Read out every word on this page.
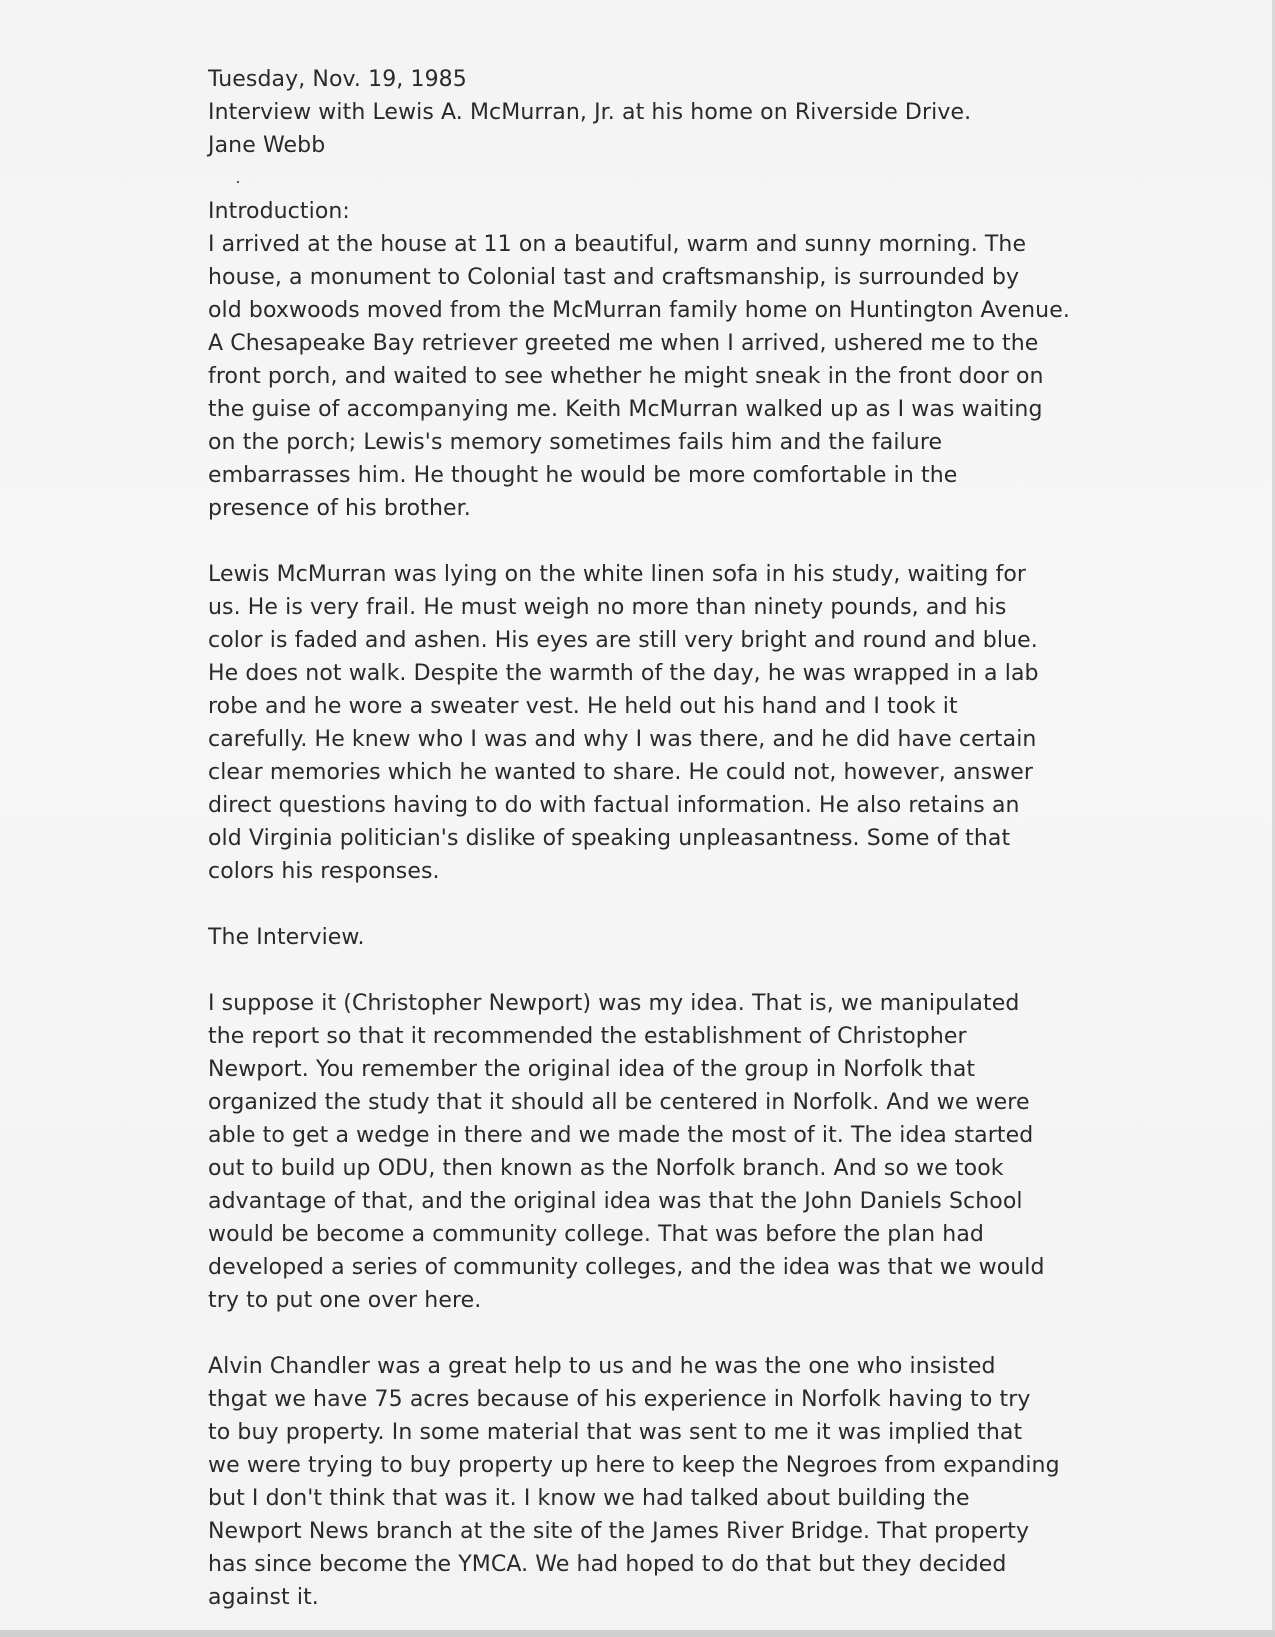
Tuesday, Nov. 19, 1985
Interview with Lewis A. McMurran, Jr. at his home on Riverside Drive.
Jane Webb
Introduction:
I arrived at the house at 11 on a beautiful, warm and sunny morning. The
house, a monument to Colonial tast and craftsmanship, is surrounded by
old boxwoods moved from the McMurran family home on Huntington Avenue.
A Chesapeake Bay retriever greeted me when I arrived, ushered me to the
front porch, and waited to see whether he might sneak in the front door on
the guise of accompanying me. Keith McMurran walked up as I was waiting
on the porch; Lewis's memory sometimes fails him and the failure
embarrasses him. He thought he would be more comfortable in the
presence of his brother.
Lewis McMurran was lying on the white linen sofa in his study, waiting for
us. He is very frail. He must weigh no more than ninety pounds, and his
color is faded and ashen. His eyes are still very bright and round and blue.
He does not walk. Despite the warmth of the day, he was wrapped in a lab
robe and he wore a sweater vest. He held out his hand and I took it
carefully. He knew who I was and why I was there, and he did have certain
clear memories which he wanted to share. He could not, however, answer
direct questions having to do with factual information. He also retains an
old Virginia politician's dislike of speaking unpleasantness. Some of that
colors his responses.
The Interview.
I suppose it (Christopher Newport) was my idea. That is, we manipulated
the report so that it recommended the establishment of Christopher
Newport. You remember the original idea of the group in Norfolk that
organized the study that it should all be centered in Norfolk. And we were
able to get a wedge in there and we made the most of it. The idea started
out to build up ODU, then known as the Norfolk branch. And so we took
advantage of that, and the original idea was that the John Daniels School
would be become a community college. That was before the plan had
developed a series of community colleges, and the idea was that we would
try to put one over here.
Alvin Chandler was a great help to us and he was the one who insisted
thgat we have 75 acres because of his experience in Norfolk having to try
to buy property. In some material that was sent to me it was implied that
we were trying to buy property up here to keep the Negroes from expanding
but I don't think that was it. I know we had talked about building the
Newport News branch at the site of the James River Bridge. That property
has since become the YMCA. We had hoped to do that but they decided
against it.
